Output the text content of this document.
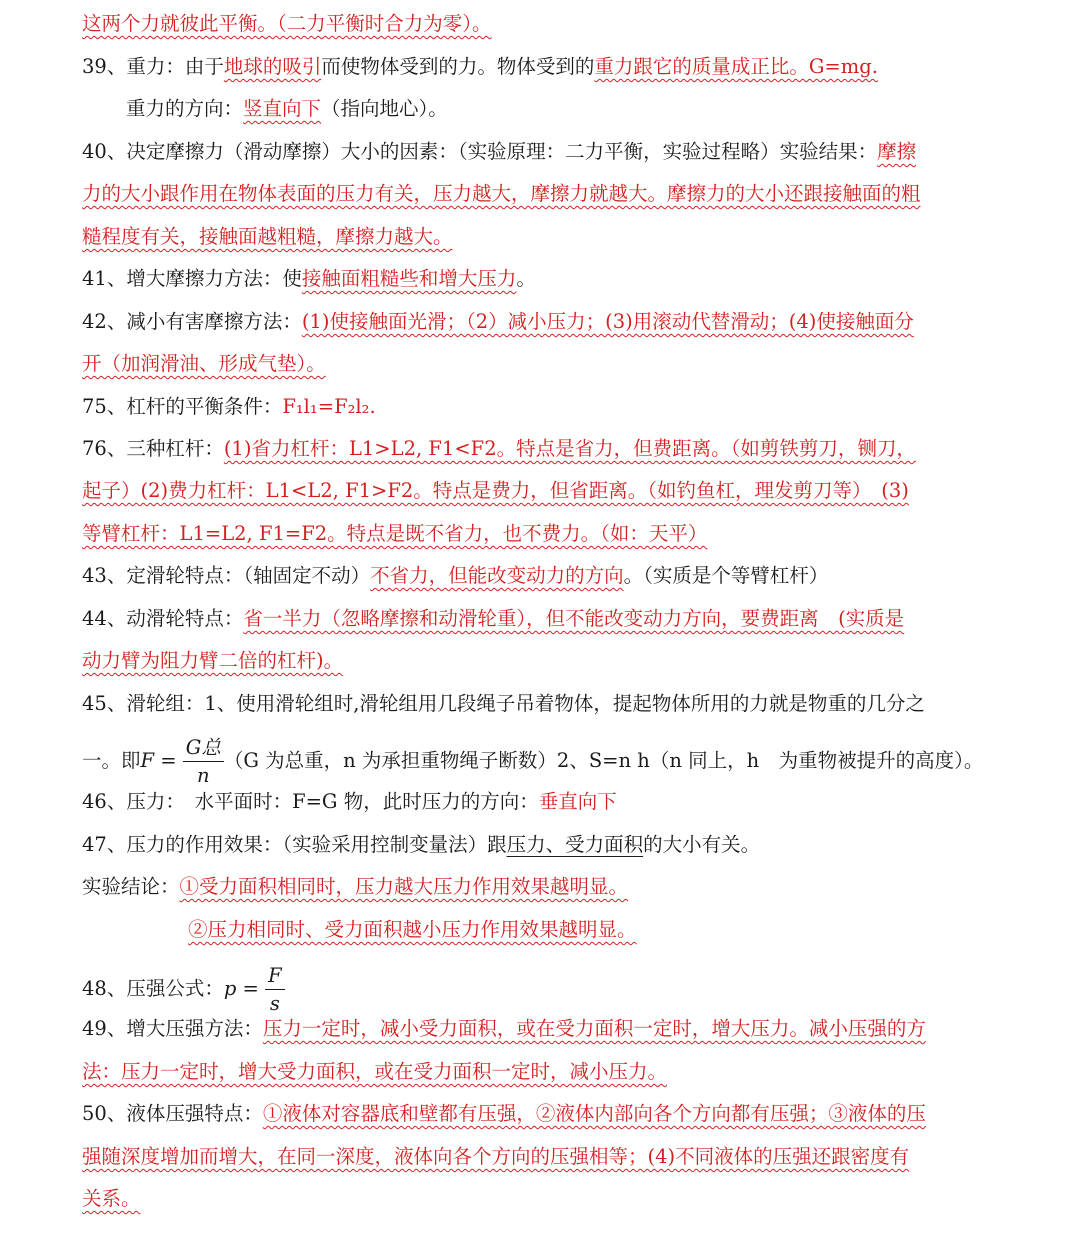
这两个力就彼此平衡。（二力平衡时合力为零）。
39、重力：由于地球的吸引而使物体受到的力。物体受到的重力跟它的质量成正比。G=mg.
重力的方向：竖直向下（指向地心）。
40、决定摩擦力（滑动摩擦）大小的因素：（实验原理：二力平衡，实验过程略）实验结果：摩擦
力的大小跟作用在物体表面的压力有关，压力越大，摩擦力就越大。摩擦力的大小还跟接触面的粗
糙程度有关，接触面越粗糙，摩擦力越大。
41、增大摩擦力方法：使接触面粗糙些和增大压力。
42、减小有害摩擦方法：(1)使接触面光滑；（2）减小压力；(3)用滚动代替滑动；(4)使接触面分
开（加润滑油、形成气垫）。
75、杠杆的平衡条件：F₁l₁=F₂l₂.
76、三种杠杆：(1)省力杠杆：L1>L2, F1<F2。特点是省力，但费距离。（如剪铁剪刀，铡刀，
起子）(2)费力杠杆：L1<L2, F1>F2。特点是费力，但省距离。（如钓鱼杠，理发剪刀等）　(3)
等臂杠杆：L1=L2, F1=F2。特点是既不省力，也不费力。（如：天平）
43、定滑轮特点：（轴固定不动）不省力，但能改变动力的方向。（实质是个等臂杠杆）
44、动滑轮特点：省一半力（忽略摩擦和动滑轮重），但不能改变动力方向，要费距离　(实质是
动力臂为阻力臂二倍的杠杆)。
45、滑轮组：1、使用滑轮组时,滑轮组用几段绳子吊着物体，提起物体所用的力就是物重的几分之
一。即$F = \frac{\text{G总}}{n} (G$ 为总重，n 为承担重物绳子断数）2、S=n h（n 同上，h　为重物被提升的高度）。
46、压力：　水平面时：F=G 物，此时压力的方向：垂直向下
47、压力的作用效果：（实验采用控制变量法）跟压力、受力面积的大小有关。
实验结论：①受力面积相同时，压力越大压力作用效果越明显。
②压力相同时、受力面积越小压力作用效果越明显。
48、压强公式：$p = \frac{F}{s}$
49、增大压强方法：压力一定时，减小受力面积，或在受力面积一定时，增大压力。减小压强的方
法：压力一定时，增大受力面积，或在受力面积一定时，减小压力。
50、液体压强特点：①液体对容器底和壁都有压强，②液体内部向各个方向都有压强；③液体的压
强随深度增加而增大，在同一深度，液体向各个方向的压强相等；(4)不同液体的压强还跟密度有
关系。
